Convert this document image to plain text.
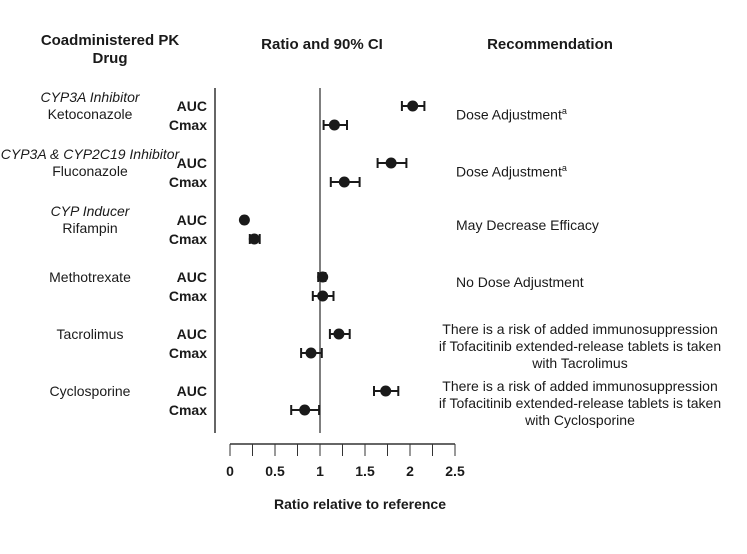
Coadministered PK
Drug
Ratio and 90% CI	Recommendation
CYP3A Inhibitor
Ketoconazole	Dose Adjustment$^a$
AUC
Cmax
CYP3A & CYP2C19 Inhibitor
Fluconazole	Dose Adjustment$^a$
AUC
Cmax
CYP Inducer
Rifampin	May Decrease Efficacy
AUC
Cmax
Methotrexate	No Dose Adjustment
AUC
Cmax
Tacrolimus	There is a risk of added immunosuppression
if Tofacitinib extended-release tablets is taken
with Tacrolimus
AUC
Cmax
Cyclosporine	There is a risk of added immunosuppression
if Tofacitinib extended-release tablets is taken
with Cyclosporine
AUC
Cmax
0 0.5 1 1.5 2 2.5
Ratio relative to reference
